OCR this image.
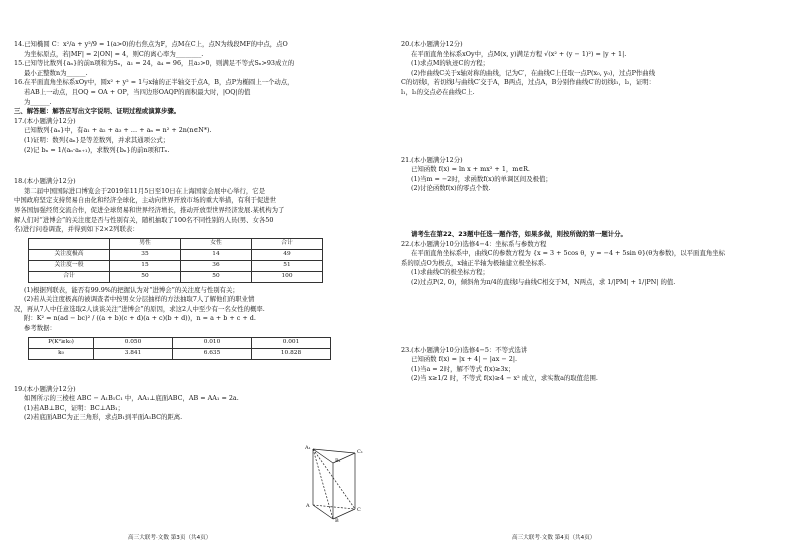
14.已知椭圆 C：x²/a + y²/9 = 1(a>0)的右焦点为F，点M在C上，点N为线段MF的中点，点O

为坐标原点，若|MF| = 2|ON| = 4，则C的离心率为________.

15.已知等比数列{aₙ}的前n项和为Sₙ，a₁ = 24，a₄ = 96，且a₂>0，则满足不等式Sₙ>93成立的

最小正整数n为______.

16.在平面直角坐标系xOy中，圆x² + y² = 1与x轴的正半轴交于点A，B，点P为椭圆上一个动点，

若AB上一动点，且OQ = OA + OP，当四边形OAQP的面积最大时，|OQ|的值

为______.

三、解答题：解答应写出文字说明、证明过程或演算步骤。

17.(本小题满分12分)

已知数列{aₙ}中，有a₁ + a₂ + a₃ + … + aₙ = n² + 2n(n∈N*).

(1)证明：数列{aₙ}是等差数列，并求其通项公式；

(2)记 bₙ = 1/(aₙ·aₙ₊₁)，求数列{bₙ}的前n项和Tₙ.

18.(本小题满分12分)

第二届中国国际进口博览会于2019年11月5日至10日在上海国家会展中心举行，它是

中国政府坚定支持贸易自由化和经济全球化，主动向世界开放市场的重大举措，有利于促进世

界各国加强经贸交流合作，促进全球贸易和世界经济增长，推动开放型世界经济发展.某机构为了

解人们对“进博会”的关注度是否与性别有关，随机抽取了100名不同性别的人员(男、女各50

名)进行问卷调查，并得到如下2×2列联表：

	男性	女性	合计
关注度极高	35	14	49
关注度一般	15	36	51
合计	50	50	100

(1)根据列联表，能否有99.9%的把握认为对“进博会”的关注度与性别有关；

(2)若从关注度极高的被调查者中按男女分层抽样的方法抽取7人了解他们的职业情

况，再从7人中任意选取2人谈谈关注“进博会”的原因，求这2人中至少有一名女性的概率.

附：K² = n(ad − bc)² / ((a + b)(c + d)(a + c)(b + d))，n = a + b + c + d.

参考数据：

P(K²≥k₀)	0.050	0.010	0.001
k₀	3.841	6.635	10.828

19.(本小题满分12分)

如图所示的三棱柱 ABC − A₁B₁C₁ 中，AA₁⊥底面ABC，AB = AA₁ = 2a.

(1)若AB⊥BC，证明：BC⊥AB₁；

(2)若底面ABC为正三角形，求点B₁到平面A₁BC的距离.

A₁
C₁
B₁
A
C
B

20.(本小题满分12分)

在平面直角坐标系xOy中，点M(x, y)满足方程 √(x² + (y − 1)²) = |y + 1|.

(1)求点M的轨迹C的方程；

(2)作曲线C关于x轴对称的曲线，记为C′，在曲线C上任取一点P(x₀, y₀)，过点P作曲线

C的切线l，若切线l与曲线C′交于A，B两点，过点A，B分别作曲线C′的切线l₁，l₂，证明：

l₁，l₂的交点必在曲线C上.

21.(本小题满分12分)

已知函数 f(x) = ln x + mx² + 1，m∈R.

(1)当m = −2时，求函数f(x)的单调区间及极值；

(2)讨论函数f(x)的零点个数.

请考生在第22、23题中任选一题作答，如果多做，则按所做的第一题计分。

22.(本小题满分10分)选修4−4：坐标系与参数方程

在平面直角坐标系中，曲线C的参数方程为 {x = 3 + 5cos θ，y = −4 + 5sin θ}(θ为参数)，以平面直角坐标

系的原点O为极点，x轴正半轴为极轴建立极坐标系.

(1)求曲线C的极坐标方程；

(2)过点P(2, 0)，倾斜角为π/4的直线l与曲线C相交于M，N两点，求 1/|PM| + 1/|PN| 的值.

23.(本小题满分10分)选修4−5：不等式选讲

已知函数 f(x) = |x + 4| − |ax − 2|.

(1)当a = 2时，解不等式 f(x)≥3x；

(2)当 x≥1/2 时，不等式 f(x)≥4 − x² 成立，求实数a的取值范围.

高三大联考·文数 第3页（共4页）	高三大联考·文数 第4页（共4页）
